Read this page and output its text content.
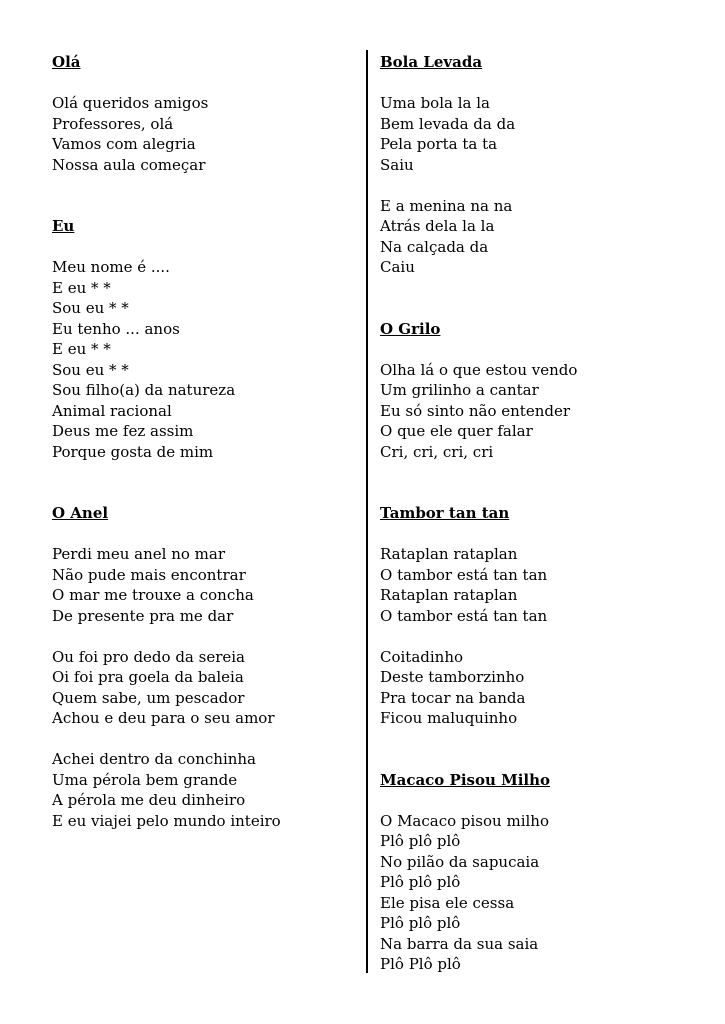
Olá
Olá queridos amigos
Professores, olá
Vamos com alegria
Nossa aula começar
Eu
Meu nome é ....
E eu * *
Sou eu * *
Eu tenho ... anos
E eu * *
Sou eu * *
Sou filho(a) da natureza
Animal racional
Deus me fez assim
Porque gosta de mim
O Anel
Perdi meu anel no mar
Não pude mais encontrar
O mar me trouxe a concha
De presente pra me dar
Ou foi pro dedo da sereia
Oi foi pra goela da baleia
Quem sabe, um pescador
Achou e deu para o seu amor
Achei dentro da conchinha
Uma pérola bem grande
A pérola me deu dinheiro
E eu viajei pelo mundo inteiro
Bola Levada
Uma bola la la
Bem levada da da
Pela porta ta ta
Saiu
E a menina na na
Atrás dela la la
Na calçada da
Caiu
O Grilo
Olha lá o que estou vendo
Um grilinho a cantar
Eu só sinto não entender
O que ele quer falar
Cri, cri, cri, cri
Tambor tan tan
Rataplan rataplan
O tambor está tan tan
Rataplan rataplan
O tambor está tan tan
Coitadinho
Deste tamborzinho
Pra tocar na banda
Ficou maluquinho
Macaco Pisou Milho
O Macaco pisou milho
Plô plô plô
No pilão da sapucaia
Plô plô plô
Ele pisa ele cessa
Plô plô plô
Na barra da sua saia
Plô Plô plô
